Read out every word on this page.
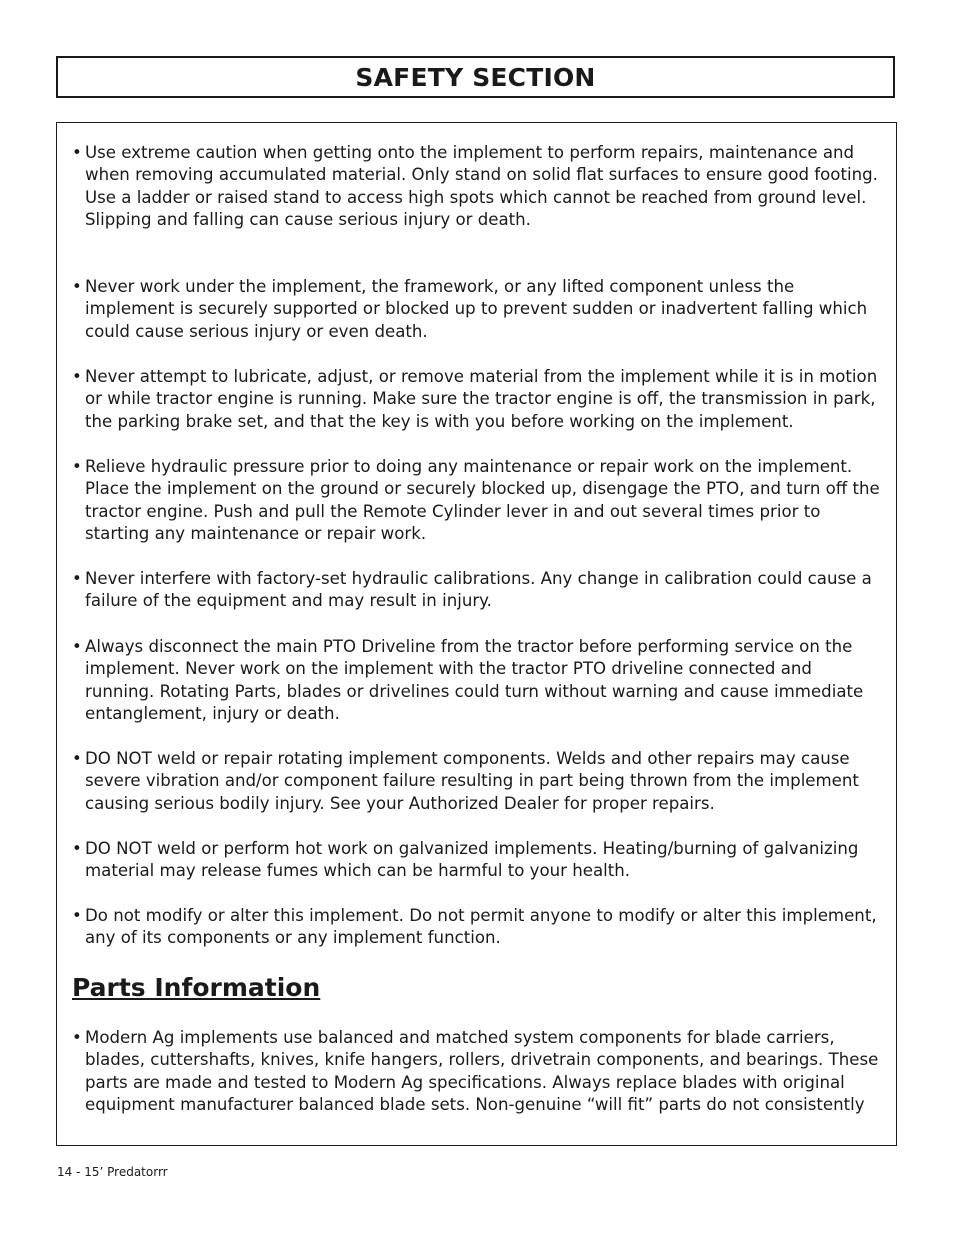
SAFETY SECTION
• Use extreme caution when getting onto the implement to perform repairs, maintenance and when removing accumulated material. Only stand on solid flat surfaces to ensure good footing. Use a ladder or raised stand to access high spots which cannot be reached from ground level. Slipping and falling can cause serious injury or death.
• Never work under the implement, the framework, or any lifted component unless the implement is securely supported or blocked up to prevent sudden or inadvertent falling which could cause serious injury or even death.
• Never attempt to lubricate, adjust, or remove material from the implement while it is in motion or while tractor engine is running. Make sure the tractor engine is off, the transmission in park, the parking brake set, and that the key is with you before working on the implement.
• Relieve hydraulic pressure prior to doing any maintenance or repair work on the implement. Place the implement on the ground or securely blocked up, disengage the PTO, and turn off the tractor engine. Push and pull the Remote Cylinder lever in and out several times prior to starting any maintenance or repair work.
• Never interfere with factory-set hydraulic calibrations. Any change in calibration could cause a failure of the equipment and may result in injury.
• Always disconnect the main PTO Driveline from the tractor before performing service on the implement. Never work on the implement with the tractor PTO driveline connected and running. Rotating Parts, blades or drivelines could turn without warning and cause immediate entanglement, injury or death.
• DO NOT weld or repair rotating implement components. Welds and other repairs may cause severe vibration and/or component failure resulting in part being thrown from the implement causing serious bodily injury. See your Authorized Dealer for proper repairs.
• DO NOT weld or perform hot work on galvanized implements. Heating/burning of galvanizing material may release fumes which can be harmful to your health.
• Do not modify or alter this implement. Do not permit anyone to modify or alter this implement, any of its components or any implement function.
Parts Information
• Modern Ag implements use balanced and matched system components for blade carriers, blades, cuttershafts, knives, knife hangers, rollers, drivetrain components, and bearings. These parts are made and tested to Modern Ag specifications. Always replace blades with original equipment manufacturer balanced blade sets. Non-genuine “will fit” parts do not consistently
14 - 15’ Predatorrr
